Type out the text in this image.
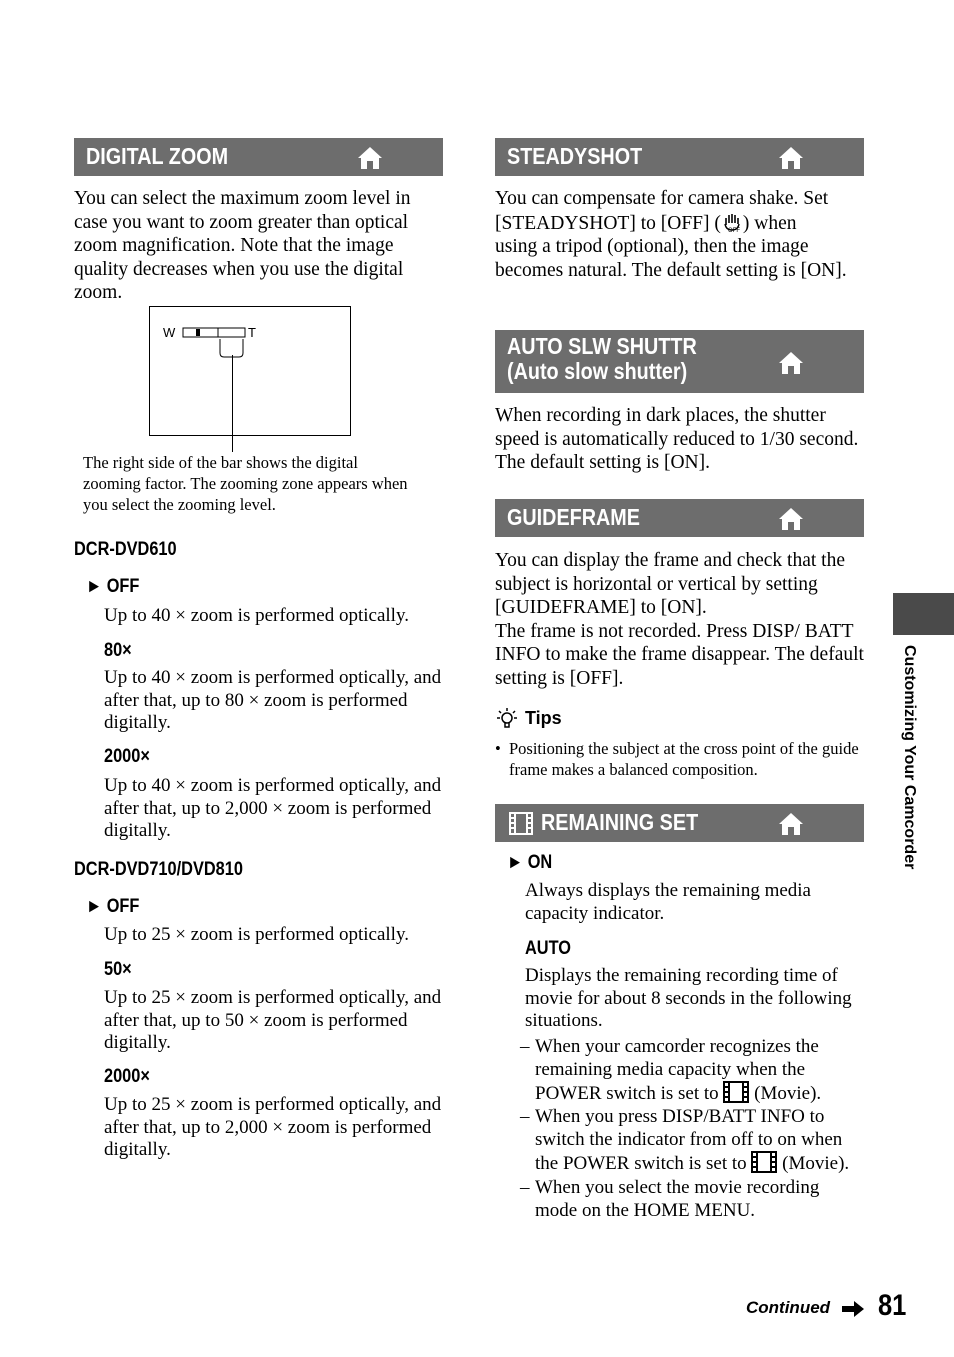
DIGITAL ZOOM
You can select the maximum zoom level in case you want to zoom greater than optical zoom magnification. Note that the image quality decreases when you use the digital zoom.
W	T
The right side of the bar shows the digital zooming factor. The zooming zone appears when you select the zooming level.
DCR-DVD610
► OFF
Up to 40 × zoom is performed optically.
80×
Up to 40 × zoom is performed optically, and after that, up to 80 × zoom is performed digitally.
2000×
Up to 40 × zoom is performed optically, and after that, up to 2,000 × zoom is performed digitally.
DCR-DVD710/DVD810
► OFF
Up to 25 × zoom is performed optically.
50×
Up to 25 × zoom is performed optically, and after that, up to 50 × zoom is performed digitally.
2000×
Up to 25 × zoom is performed optically, and after that, up to 2,000 × zoom is performed digitally.
STEADYSHOT
You can compensate for camera shake. Set
[STEADYSHOT] to [OFF] ( OFF ) when
using a tripod (optional), then the image becomes natural. The default setting is [ON].
AUTO SLW SHUTTR
(Auto slow shutter)
When recording in dark places, the shutter speed is automatically reduced to 1/30 second. The default setting is [ON].
GUIDEFRAME
You can display the frame and check that the subject is horizontal or vertical by setting [GUIDEFRAME] to [ON].
The frame is not recorded. Press DISP/ BATT INFO to make the frame disappear. The default setting is [OFF].
Tips
• Positioning the subject at the cross point of the guide frame makes a balanced composition.
REMAINING SET
► ON
Always displays the remaining media capacity indicator.
AUTO
Displays the remaining recording time of movie for about 8 seconds in the following situations.
– When your camcorder recognizes the remaining media capacity when the POWER switch is set to (Movie).
– When you press DISP/BATT INFO to switch the indicator from off to on when the POWER switch is set to (Movie).
– When you select the movie recording mode on the HOME MENU.
Customizing Your Camcorder
Continued 81
